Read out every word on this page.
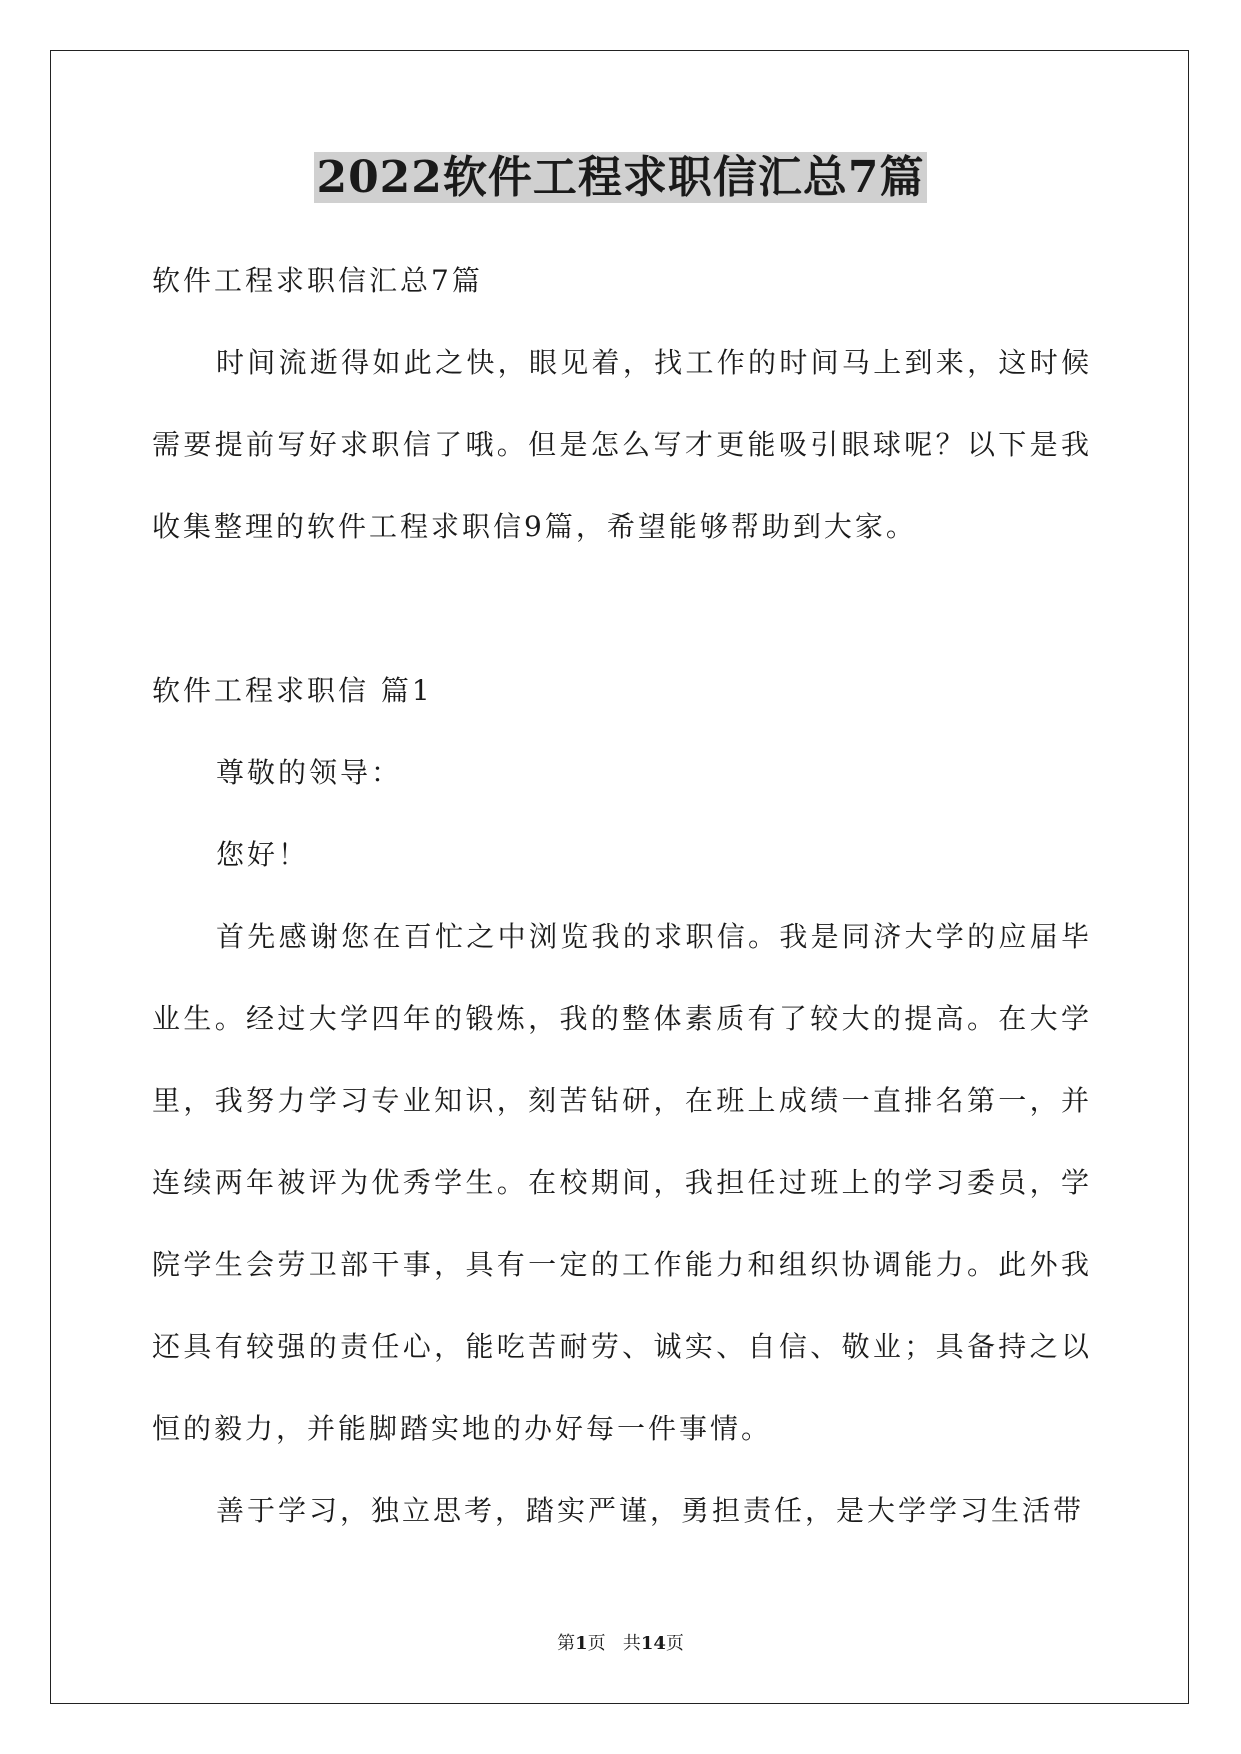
2022软件工程求职信汇总7篇

软件工程求职信汇总7篇

时间流逝得如此之快，眼见着，找工作的时间马上到来，这时候需要提前写好求职信了哦。但是怎么写才更能吸引眼球呢？以下是我收集整理的软件工程求职信9篇，希望能够帮助到大家。

软件工程求职信 篇1

尊敬的领导：

您好！

首先感谢您在百忙之中浏览我的求职信。我是同济大学的应届毕业生。经过大学四年的锻炼，我的整体素质有了较大的提高。在大学里，我努力学习专业知识，刻苦钻研，在班上成绩一直排名第一，并连续两年被评为优秀学生。在校期间，我担任过班上的学习委员，学院学生会劳卫部干事，具有一定的工作能力和组织协调能力。此外我还具有较强的责任心，能吃苦耐劳、诚实、自信、敬业；具备持之以恒的毅力，并能脚踏实地的办好每一件事情。

善于学习，独立思考，踏实严谨，勇担责任，是大学学习生活带

第1页 共14页
